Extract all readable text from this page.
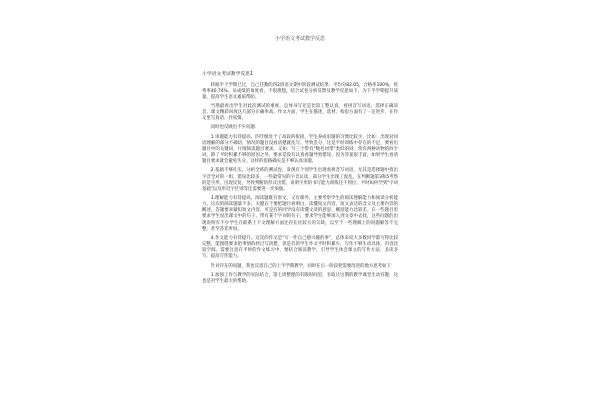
小学语文考试教学反思
小学语文考试教学反思1

转眼半个学期已过，自己任教的四2班语文期中阶段测试结果：平均分82.05，合格率100%，优秀率40.74%。从成绩的角度看，不很理想。结合试卷分析反馈及教学反思如下，为下半学期提升质量，提高学生语文素质帮助。

当然最看出学生对此次测试的重视，总体书写还是比较工整认真，看拼音写词语、选择正确读音、课文精彩回放这几部分正确率高。作文方面，学生在描述、选材、构思方面有了一定进步，在作文里写真话、抒真情。

同时也反映出不少问题：

1.审题能力有待提高。四年级处于了高段的衔接，学生养成审题的习惯比较少，比如：出现对词语理解的部分不确切，情况的题目没看清楚就乱写。导致丢分，这是平时训练中存在的不足，要看出题目中的关键词，仔细阅读题目要求。又如：写三个带有"数名词带"类似的词，常有两种动物的四字词，除了平时积累不够的原因之外，要求是没有认真看题导致错误，因为答案很丰富，如果学生看清题目要求就会避免失分。这样的思路确实是不够认真审题。

2.基础不够扎实。分析全班的测试卷，发现有个别学生出现看拼音写词语，尤其是选择题中找出字音全对的一组，错误比较多，一些最常见的字音认读，部分学生出现了混乱，在判断题第3和5考察的是字形，出现反复，导致判断的形式出错，说明字形的书写能力训练还不到位。平时如何学到"字词基础"以及形近字区别等还需要进一步加强。

3.理解能力有待提高。阅读题既有原文，又有课外，主要考察学生的阅读理解能力和阅读分析能力。这次的阅读题量不多，关键在于要把题目看明白，读懂短文内容，短文表达的含义及主要内容的概述，答题要求紧扣短文内容，可是有的同学没有读懂文章的意思，概括能力比较差。在一些题目里要求学生说出课文中的句子、带有某个字词的句子，要求学生能够深入到文章中去找，这些问题的出现说明有不少学生在联系上下文理解方面还存在比较大的欠缺，以至于一些理解上的问题解答不完整，甚至答非所问。

4.作文能力有待提升。这次的作文是"写一件自己感兴趣的事"，总体来说大多数同学都写得比较完整，能围绕要求把事情的经过写清楚，但是有的学生作文平时积累少，写作不够生动具体，内容比较空洞。需要注意在平时的作文练习中，要结合阅读教学，引导学生体会课文的写作方法，多读多写，提高写作能力。

针对存在的问题，我也反思自己的上半学期教学，同时在后一阶段把需要改进的地方思考如下：

1.加强工作与教学的实际结合，第七周整理的有限时间里，争取让这期的教学课堂生动有趣，这也是对学生最大的帮助。
